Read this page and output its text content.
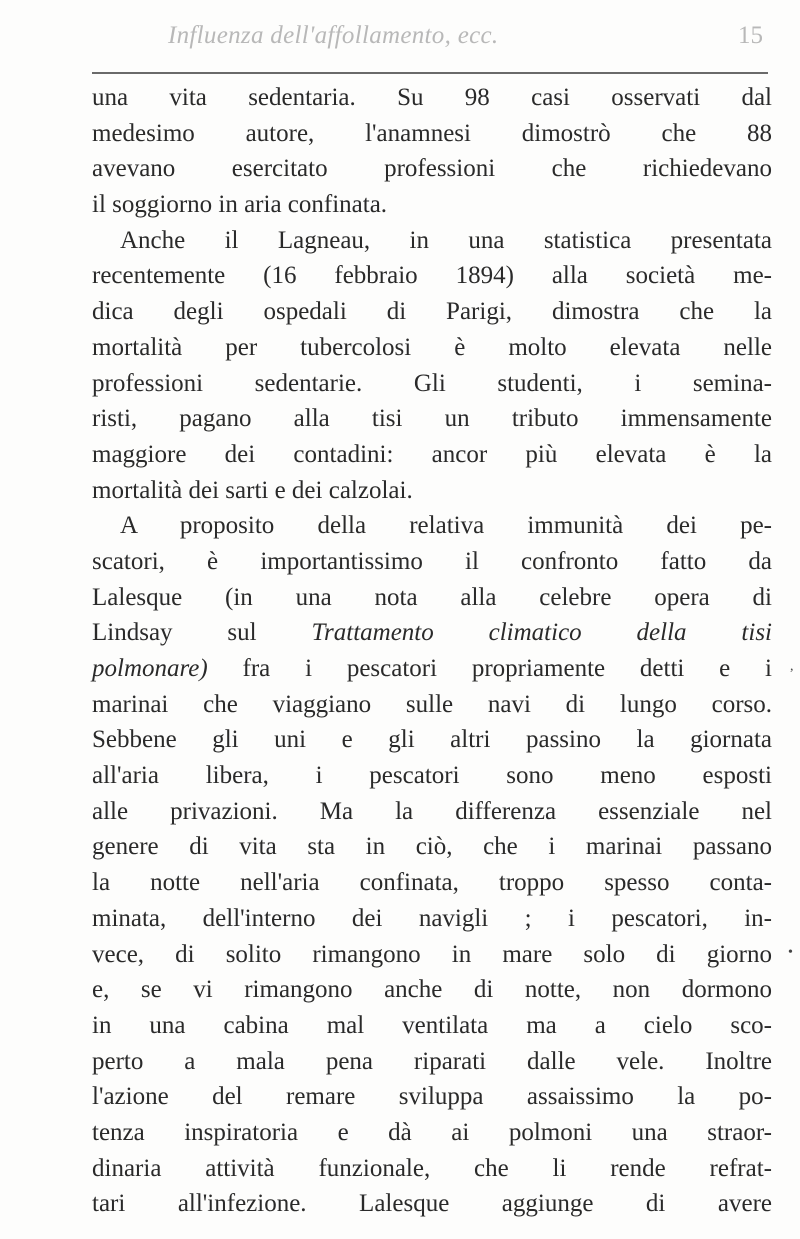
Influenza dell'affollamento, ecc.	15
una vita sedentaria. Su 98 casi osservati dal
medesimo autore, l'anamnesi dimostrò che 88
avevano esercitato professioni che richiedevano
il soggiorno in aria confinata.
Anche il Lagneau, in una statistica presentata
recentemente (16 febbraio 1894) alla società me-
dica degli ospedali di Parigi, dimostra che la
mortalità per tubercolosi è molto elevata nelle
professioni sedentarie. Gli studenti, i semina-
risti, pagano alla tisi un tributo immensamente
maggiore dei contadini: ancor più elevata è la
mortalità dei sarti e dei calzolai.
A proposito della relativa immunità dei pe-
scatori, è importantissimo il confronto fatto da
Lalesque (in una nota alla celebre opera di
Lindsay sul Trattamento climatico della tisi
polmonare) fra i pescatori propriamente detti e i
marinai che viaggiano sulle navi di lungo corso.
Sebbene gli uni e gli altri passino la giornata
all'aria libera, i pescatori sono meno esposti
alle privazioni. Ma la differenza essenziale nel
genere di vita sta in ciò, che i marinai passano
la notte nell'aria confinata, troppo spesso conta-
minata, dell'interno dei navigli ; i pescatori, in-
vece, di solito rimangono in mare solo di giorno
e, se vi rimangono anche di notte, non dormono
in una cabina mal ventilata ma a cielo sco-
perto a mala pena riparati dalle vele. Inoltre
l'azione del remare sviluppa assaissimo la po-
tenza inspiratoria e dà ai polmoni una straor-
dinaria attività funzionale, che li rende refrat-
tari all'infezione. Lalesque aggiunge di avere
,
•
